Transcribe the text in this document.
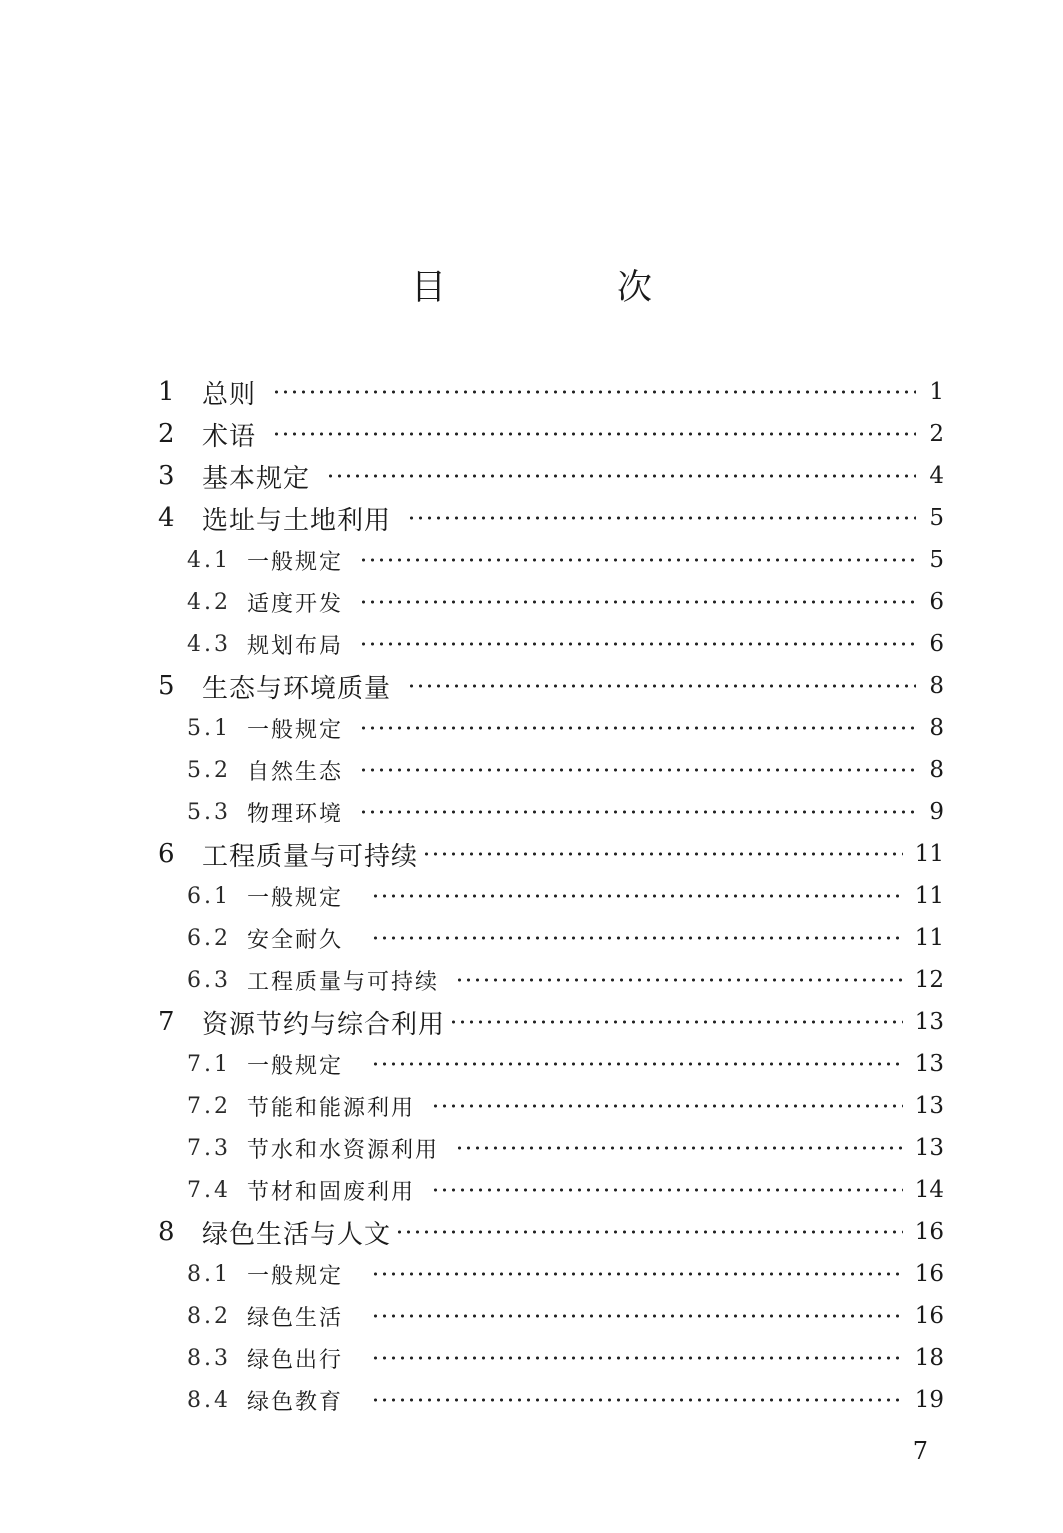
目　次
1	总则	1
2	术语	2
3	基本规定	4
4	选址与土地利用	5
4.1 一般规定	5
4.2 适度开发	6
4.3 规划布局	6
5	生态与环境质量	8
5.1 一般规定	8
5.2 自然生态	8
5.3 物理环境	9
6	工程质量与可持续	11
6.1 一般规定	11
6.2 安全耐久	11
6.3 工程质量与可持续	12
7	资源节约与综合利用	13
7.1 一般规定	13
7.2 节能和能源利用	13
7.3 节水和水资源利用	13
7.4 节材和固废利用	14
8	绿色生活与人文	16
8.1 一般规定	16
8.2 绿色生活	16
8.3 绿色出行	18
8.4 绿色教育	19
7
